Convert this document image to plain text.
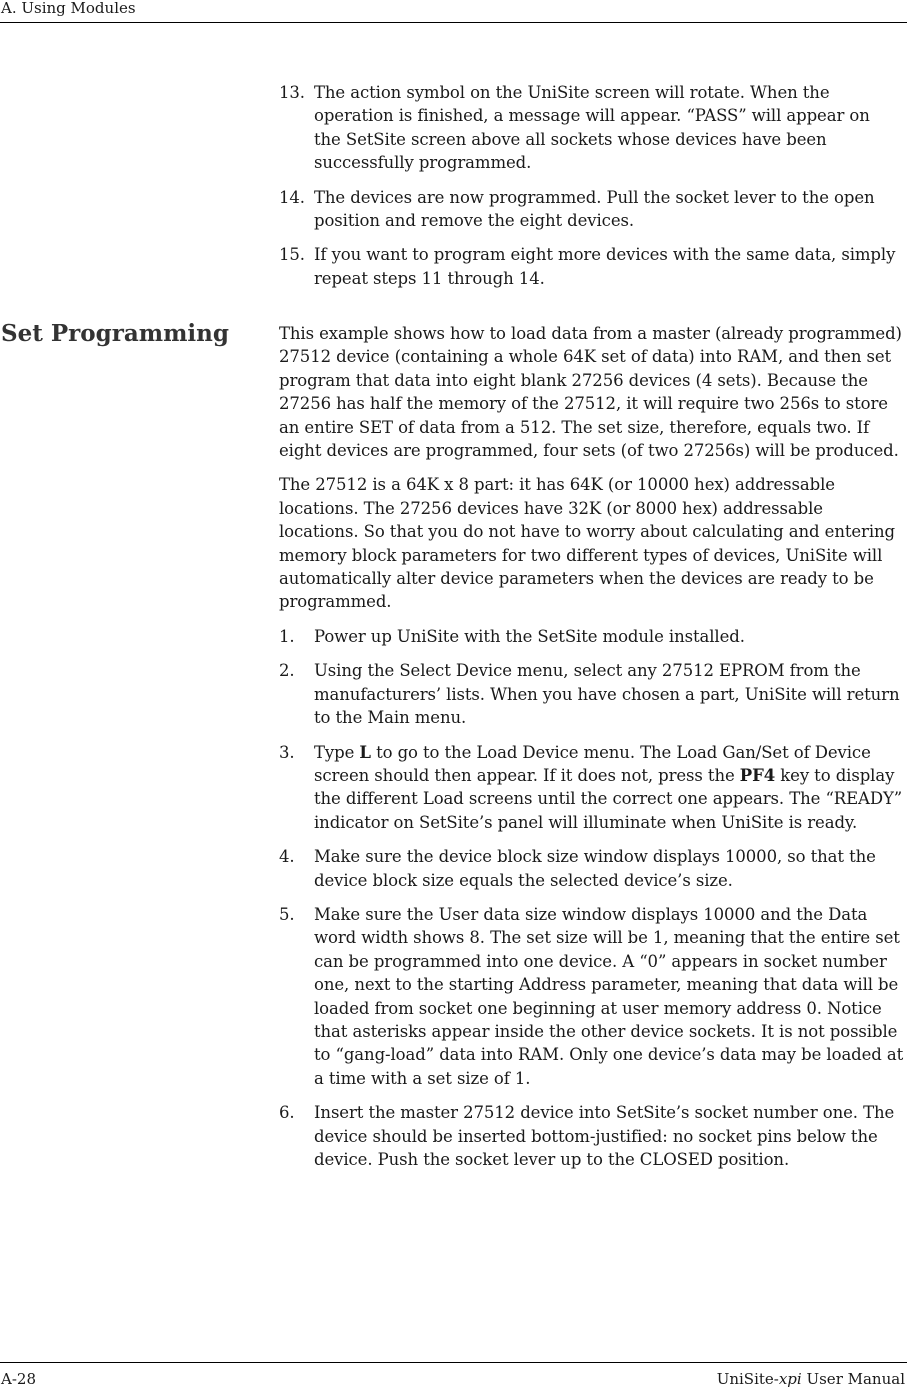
A. Using Modules
13. The action symbol on the UniSite screen will rotate. When the operation is finished, a message will appear. “PASS” will appear on the SetSite screen above all sockets whose devices have been successfully programmed.
14. The devices are now programmed. Pull the socket lever to the open position and remove the eight devices.
15. If you want to program eight more devices with the same data, simply repeat steps 11 through 14.
Set Programming	This example shows how to load data from a master (already programmed) 27512 device (containing a whole 64K set of data) into RAM, and then set program that data into eight blank 27256 devices (4 sets). Because the 27256 has half the memory of the 27512, it will require two 256s to store an entire SET of data from a 512. The set size, therefore, equals two. If eight devices are programmed, four sets (of two 27256s) will be produced.

The 27512 is a 64K x 8 part: it has 64K (or 10000 hex) addressable locations. The 27256 devices have 32K (or 8000 hex) addressable locations. So that you do not have to worry about calculating and entering memory block parameters for two different types of devices, UniSite will automatically alter device parameters when the devices are ready to be programmed.

1. Power up UniSite with the SetSite module installed.
2. Using the Select Device menu, select any 27512 EPROM from the manufacturers’ lists. When you have chosen a part, UniSite will return to the Main menu.
3. Type L to go to the Load Device menu. The Load Gan/Set of Device screen should then appear. If it does not, press the PF4 key to display the different Load screens until the correct one appears. The “READY” indicator on SetSite’s panel will illuminate when UniSite is ready.
4. Make sure the device block size window displays 10000, so that the device block size equals the selected device’s size.
5. Make sure the User data size window displays 10000 and the Data word width shows 8. The set size will be 1, meaning that the entire set can be programmed into one device. A “0” appears in socket number one, next to the starting Address parameter, meaning that data will be loaded from socket one beginning at user memory address 0. Notice that asterisks appear inside the other device sockets. It is not possible to “gang-load” data into RAM. Only one device’s data may be loaded at a time with a set size of 1.
6. Insert the master 27512 device into SetSite’s socket number one. The device should be inserted bottom-justified: no socket pins below the device. Push the socket lever up to the CLOSED position.
A-28	UniSite-xpi User Manual
